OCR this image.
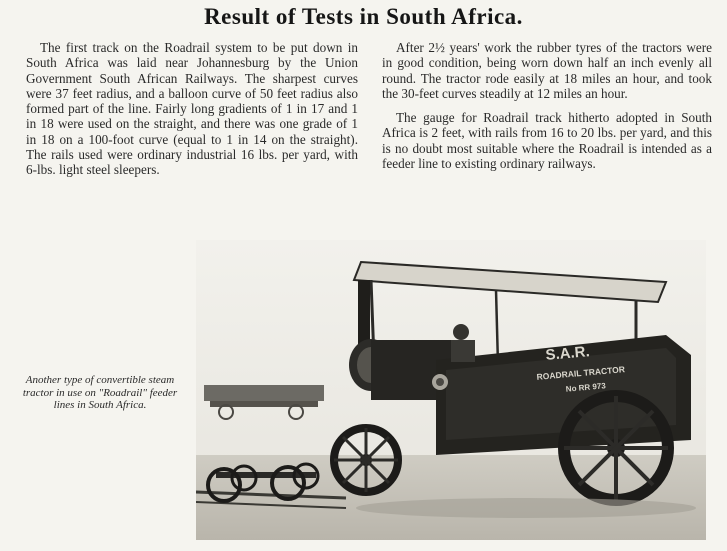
Result of Tests in South Africa.

The first track on the Roadrail system to be put down in South Africa was laid near Johannesburg by the Union Government South African Railways. The sharpest curves were 37 feet radius, and a balloon curve of 50 feet radius also formed part of the line. Fairly long gradients of 1 in 17 and 1 in 18 were used on the straight, and there was one grade of 1 in 18 on a 100-foot curve (equal to 1 in 14 on the straight). The rails used were ordinary industrial 16 lbs. per yard, with 6-lbs. light steel sleepers.

After 2½ years' work the rubber tyres of the tractors were in good condition, being worn down half an inch evenly all round. The tractor rode easily at 18 miles an hour, and took the 30-feet curves steadily at 12 miles an hour.

The gauge for Roadrail track hitherto adopted in South Africa is 2 feet, with rails from 16 to 20 lbs. per yard, and this is no doubt most suitable where the Roadrail is intended as a feeder line to existing ordinary railways.

Another type of convertible steam tractor in use on "Roadrail" feeder lines in South Africa.
S.A.R.
ROADRAIL TRACTOR
No RR 973
